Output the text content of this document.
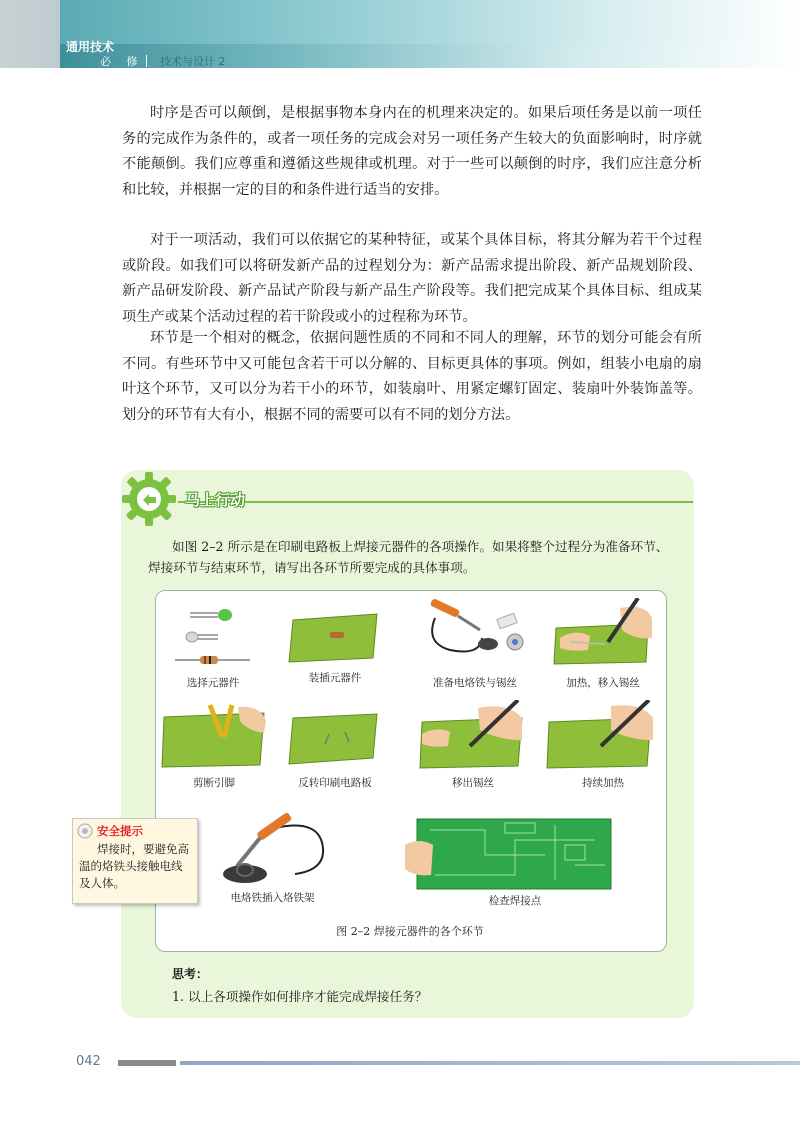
通用技术
必 修 技术与设计 2
时序是否可以颠倒，是根据事物本身内在的机理来决定的。如果后项任务是以前一项任务的完成作为条件的，或者一项任务的完成会对另一项任务产生较大的负面影响时，时序就不能颠倒。我们应尊重和遵循这些规律或机理。对于一些可以颠倒的时序，我们应注意分析和比较，并根据一定的目的和条件进行适当的安排。
对于一项活动，我们可以依据它的某种特征，或某个具体目标，将其分解为若干个过程或阶段。如我们可以将研发新产品的过程划分为：新产品需求提出阶段、新产品规划阶段、新产品研发阶段、新产品试产阶段与新产品生产阶段等。我们把完成某个具体目标、组成某项生产或某个活动过程的若干阶段或小的过程称为环节。
环节是一个相对的概念，依据问题性质的不同和不同人的理解，环节的划分可能会有所不同。有些环节中又可能包含若干可以分解的、目标更具体的事项。例如，组装小电扇的扇叶这个环节，又可以分为若干小的环节，如装扇叶、用紧定螺钉固定、装扇叶外装饰盖等。划分的环节有大有小，根据不同的需要可以有不同的划分方法。
马上行动
如图 2–2 所示是在印刷电路板上焊接元器件的各项操作。如果将整个过程分为准备环节、焊接环节与结束环节，请写出各环节所要完成的具体事项。
选择元器件	装插元器件	准备电烙铁与锡丝	加热，移入锡丝
剪断引脚	反转印刷电路板	移出锡丝	持续加热
电烙铁插入烙铁架	检查焊接点
图 2–2 焊接元器件的各个环节
安全提示
焊接时，要避免高温的烙铁头接触电线及人体。
思考：
1. 以上各项操作如何排序才能完成焊接任务？
042
